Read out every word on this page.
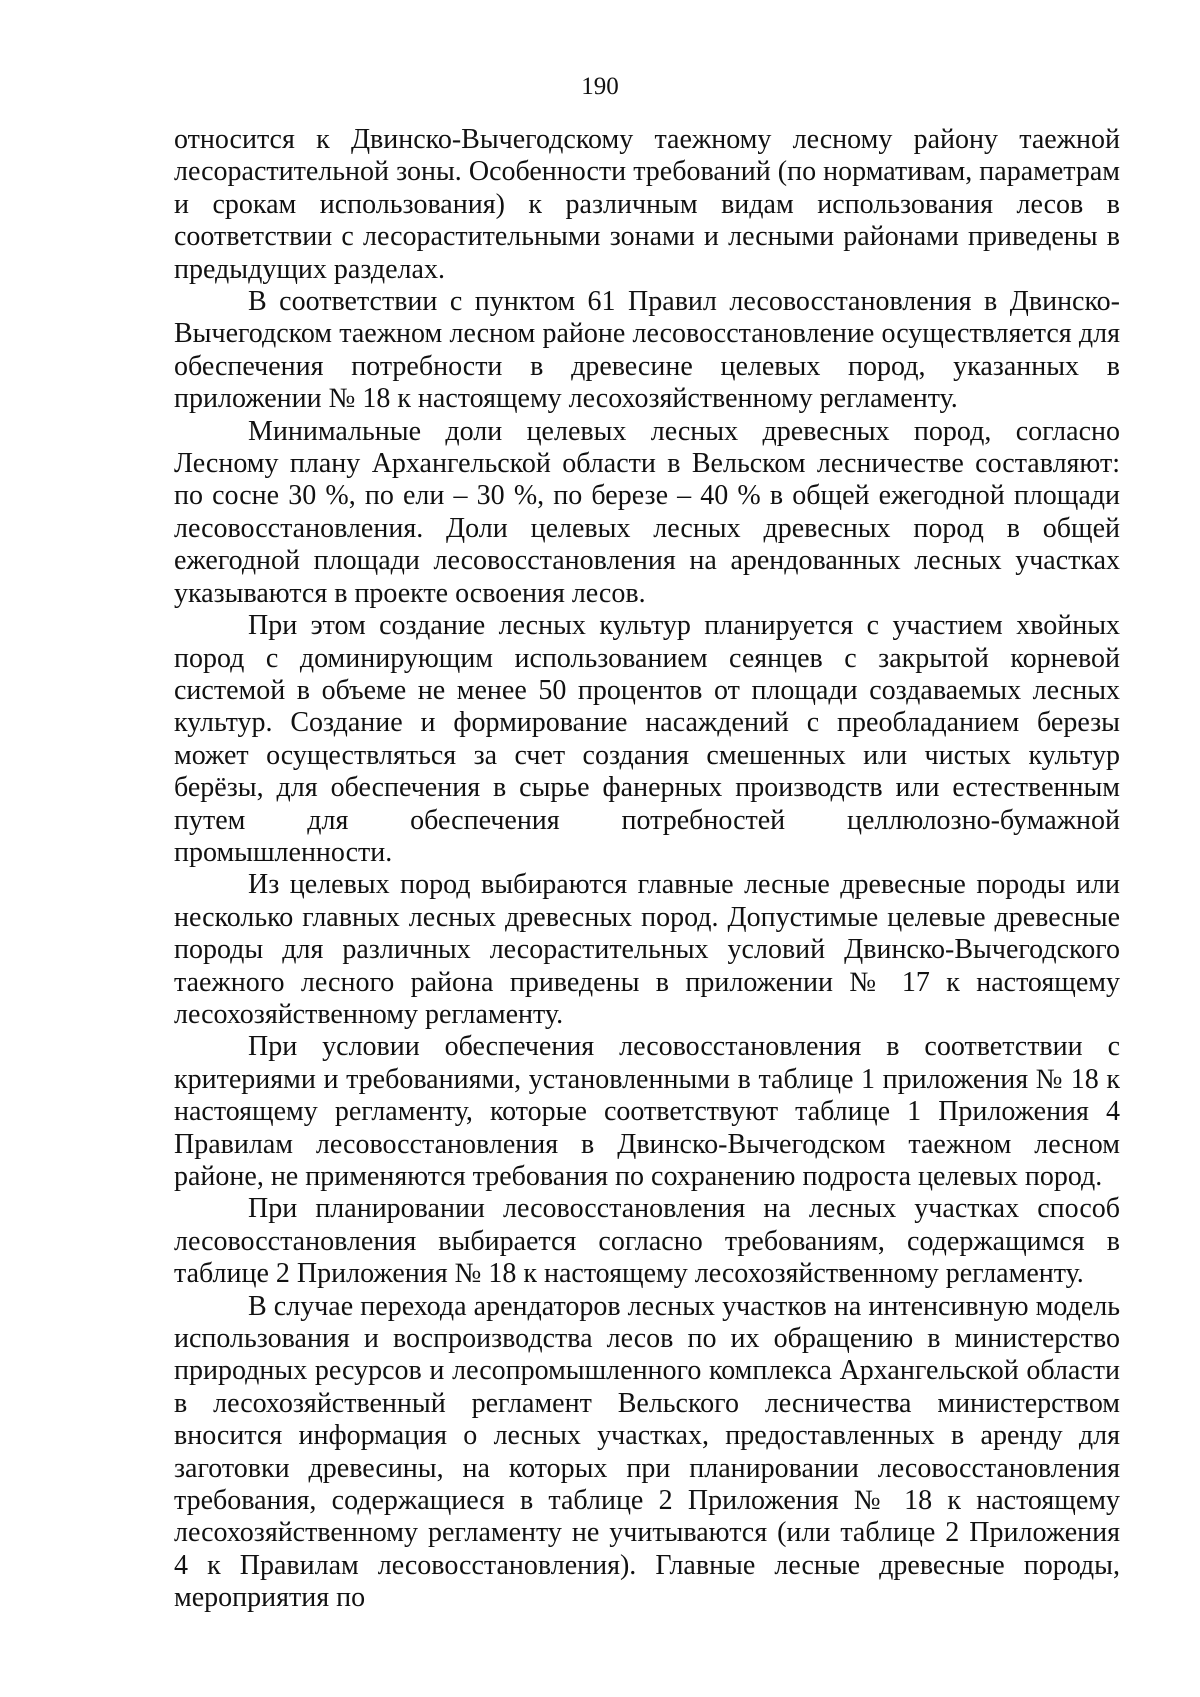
190

относится к Двинско-Вычегодскому таежному лесному району таежной лесорастительной зоны. Особенности требований (по нормативам, параметрам и срокам использования) к различным видам использования лесов в соответствии с лесорастительными зонами и лесными районами приведены в предыдущих разделах.

В соответствии с пунктом 61 Правил лесовосстановления в Двинско-Вычегодском таежном лесном районе лесовосстановление осуществляется для обеспечения потребности в древесине целевых пород, указанных в приложении № 18 к настоящему лесохозяйственному регламенту.

Минимальные доли целевых лесных древесных пород, согласно Лесному плану Архангельской области в Вельском лесничестве составляют: по сосне 30 %, по ели – 30 %, по березе – 40 % в общей ежегодной площади лесовосстановления. Доли целевых лесных древесных пород в общей ежегодной площади лесовосстановления на арендованных лесных участках указываются в проекте освоения лесов.

При этом создание лесных культур планируется с участием хвойных пород с доминирующим использованием сеянцев с закрытой корневой системой в объеме не менее 50 процентов от площади создаваемых лесных культур. Создание и формирование насаждений с преобладанием березы может осуществляться за счет создания смешенных или чистых культур берёзы, для обеспечения в сырье фанерных производств или естественным путем для обеспечения потребностей целлюлозно-бумажной промышленности.

Из целевых пород выбираются главные лесные древесные породы или несколько главных лесных древесных пород. Допустимые целевые древесные породы для различных лесорастительных условий Двинско-Вычегодского таежного лесного района приведены в приложении № 17 к настоящему лесохозяйственному регламенту.

При условии обеспечения лесовосстановления в соответствии с критериями и требованиями, установленными в таблице 1 приложения № 18 к настоящему регламенту, которые соответствуют таблице 1 Приложения 4 Правилам лесовосстановления в Двинско-Вычегодском таежном лесном районе, не применяются требования по сохранению подроста целевых пород.

При планировании лесовосстановления на лесных участках способ лесовосстановления выбирается согласно требованиям, содержащимся в таблице 2 Приложения № 18 к настоящему лесохозяйственному регламенту.

В случае перехода арендаторов лесных участков на интенсивную модель использования и воспроизводства лесов по их обращению в министерство природных ресурсов и лесопромышленного комплекса Архангельской области в лесохозяйственный регламент Вельского лесничества министерством вносится информация о лесных участках, предоставленных в аренду для заготовки древесины, на которых при планировании лесовосстановления требования, содержащиеся в таблице 2 Приложения № 18 к настоящему лесохозяйственному регламенту не учитываются (или таблице 2 Приложения 4 к Правилам лесовосстановления). Главные лесные древесные породы, мероприятия по
